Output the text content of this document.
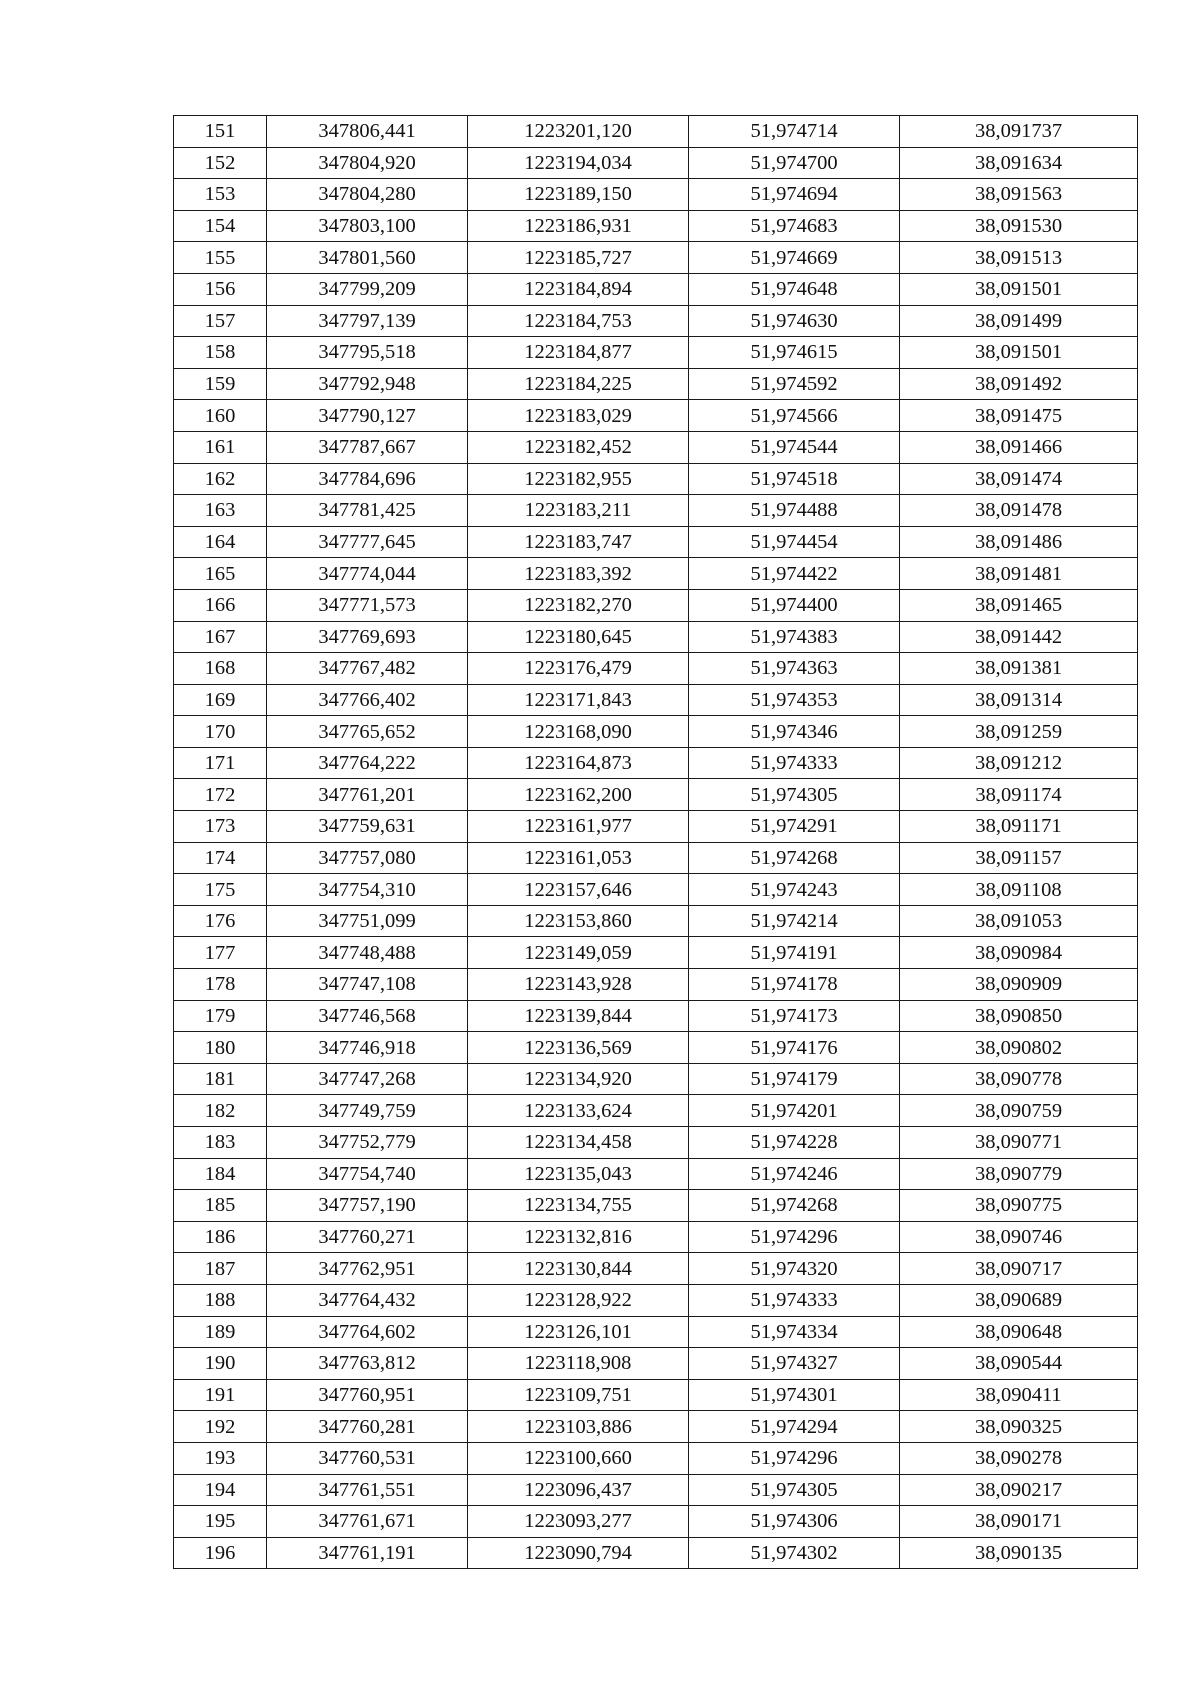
151	347806,441	1223201,120	51,974714	38,091737
152	347804,920	1223194,034	51,974700	38,091634
153	347804,280	1223189,150	51,974694	38,091563
154	347803,100	1223186,931	51,974683	38,091530
155	347801,560	1223185,727	51,974669	38,091513
156	347799,209	1223184,894	51,974648	38,091501
157	347797,139	1223184,753	51,974630	38,091499
158	347795,518	1223184,877	51,974615	38,091501
159	347792,948	1223184,225	51,974592	38,091492
160	347790,127	1223183,029	51,974566	38,091475
161	347787,667	1223182,452	51,974544	38,091466
162	347784,696	1223182,955	51,974518	38,091474
163	347781,425	1223183,211	51,974488	38,091478
164	347777,645	1223183,747	51,974454	38,091486
165	347774,044	1223183,392	51,974422	38,091481
166	347771,573	1223182,270	51,974400	38,091465
167	347769,693	1223180,645	51,974383	38,091442
168	347767,482	1223176,479	51,974363	38,091381
169	347766,402	1223171,843	51,974353	38,091314
170	347765,652	1223168,090	51,974346	38,091259
171	347764,222	1223164,873	51,974333	38,091212
172	347761,201	1223162,200	51,974305	38,091174
173	347759,631	1223161,977	51,974291	38,091171
174	347757,080	1223161,053	51,974268	38,091157
175	347754,310	1223157,646	51,974243	38,091108
176	347751,099	1223153,860	51,974214	38,091053
177	347748,488	1223149,059	51,974191	38,090984
178	347747,108	1223143,928	51,974178	38,090909
179	347746,568	1223139,844	51,974173	38,090850
180	347746,918	1223136,569	51,974176	38,090802
181	347747,268	1223134,920	51,974179	38,090778
182	347749,759	1223133,624	51,974201	38,090759
183	347752,779	1223134,458	51,974228	38,090771
184	347754,740	1223135,043	51,974246	38,090779
185	347757,190	1223134,755	51,974268	38,090775
186	347760,271	1223132,816	51,974296	38,090746
187	347762,951	1223130,844	51,974320	38,090717
188	347764,432	1223128,922	51,974333	38,090689
189	347764,602	1223126,101	51,974334	38,090648
190	347763,812	1223118,908	51,974327	38,090544
191	347760,951	1223109,751	51,974301	38,090411
192	347760,281	1223103,886	51,974294	38,090325
193	347760,531	1223100,660	51,974296	38,090278
194	347761,551	1223096,437	51,974305	38,090217
195	347761,671	1223093,277	51,974306	38,090171
196	347761,191	1223090,794	51,974302	38,090135
